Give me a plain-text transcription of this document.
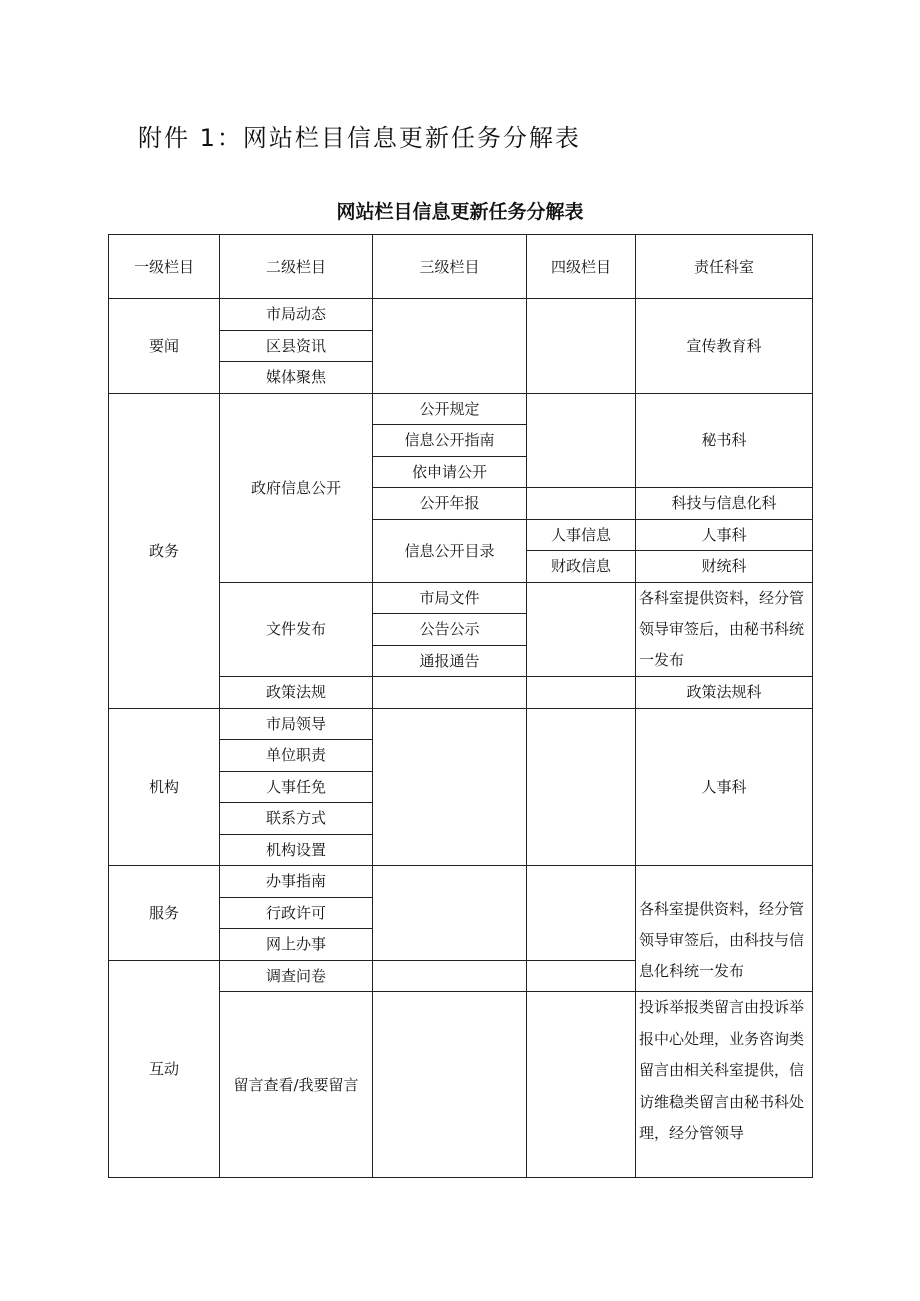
附件 1：网站栏目信息更新任务分解表
网站栏目信息更新任务分解表
一级栏目	二级栏目	三级栏目	四级栏目	责任科室
要闻	市局动态			宣传教育科
	区县资讯			
	媒体聚焦			
政务	政府信息公开	公开规定		秘书科
		信息公开指南		
		依申请公开		
		公开年报		科技与信息化科
		信息公开目录	人事信息	人事科
			财政信息	财统科
	文件发布	市局文件		各科室提供资料，经分管领导审签后，由秘书科统一发布
		公告公示		
		通报通告		
	政策法规			政策法规科
机构	市局领导			人事科
	单位职责			
	人事任免			
	联系方式			
	机构设置			
服务	办事指南			各科室提供资料，经分管领导审签后，由科技与信息化科统一发布
	行政许可			
	网上办事			
互动	调查问卷			
	留言查看/我要留言			投诉举报类留言由投诉举报中心处理，业务咨询类留言由相关科室提供，信访维稳类留言由秘书科处理，经分管领导
